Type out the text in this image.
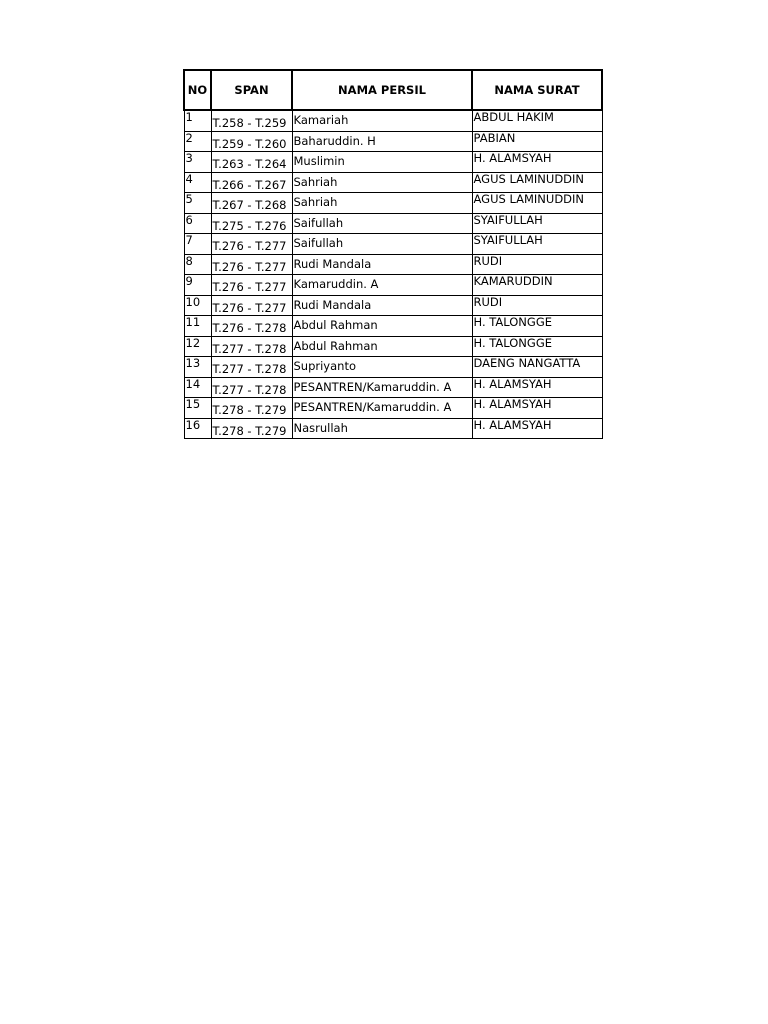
NO	SPAN	NAMA PERSIL	NAMA SURAT
1	T.258 - T.259	Kamariah	ABDUL HAKIM
2	T.259 - T.260	Baharuddin. H	PABIAN
3	T.263 - T.264	Muslimin	H. ALAMSYAH
4	T.266 - T.267	Sahriah	AGUS LAMINUDDIN
5	T.267 - T.268	Sahriah	AGUS LAMINUDDIN
6	T.275 - T.276	Saifullah	SYAIFULLAH
7	T.276 - T.277	Saifullah	SYAIFULLAH
8	T.276 - T.277	Rudi Mandala	RUDI
9	T.276 - T.277	Kamaruddin. A	KAMARUDDIN
10	T.276 - T.277	Rudi Mandala	RUDI
11	T.276 - T.278	Abdul Rahman	H. TALONGGE
12	T.277 - T.278	Abdul Rahman	H. TALONGGE
13	T.277 - T.278	Supriyanto	DAENG NANGATTA
14	T.277 - T.278	PESANTREN/Kamaruddin. A	H. ALAMSYAH
15	T.278 - T.279	PESANTREN/Kamaruddin. A	H. ALAMSYAH
16	T.278 - T.279	Nasrullah	H. ALAMSYAH
